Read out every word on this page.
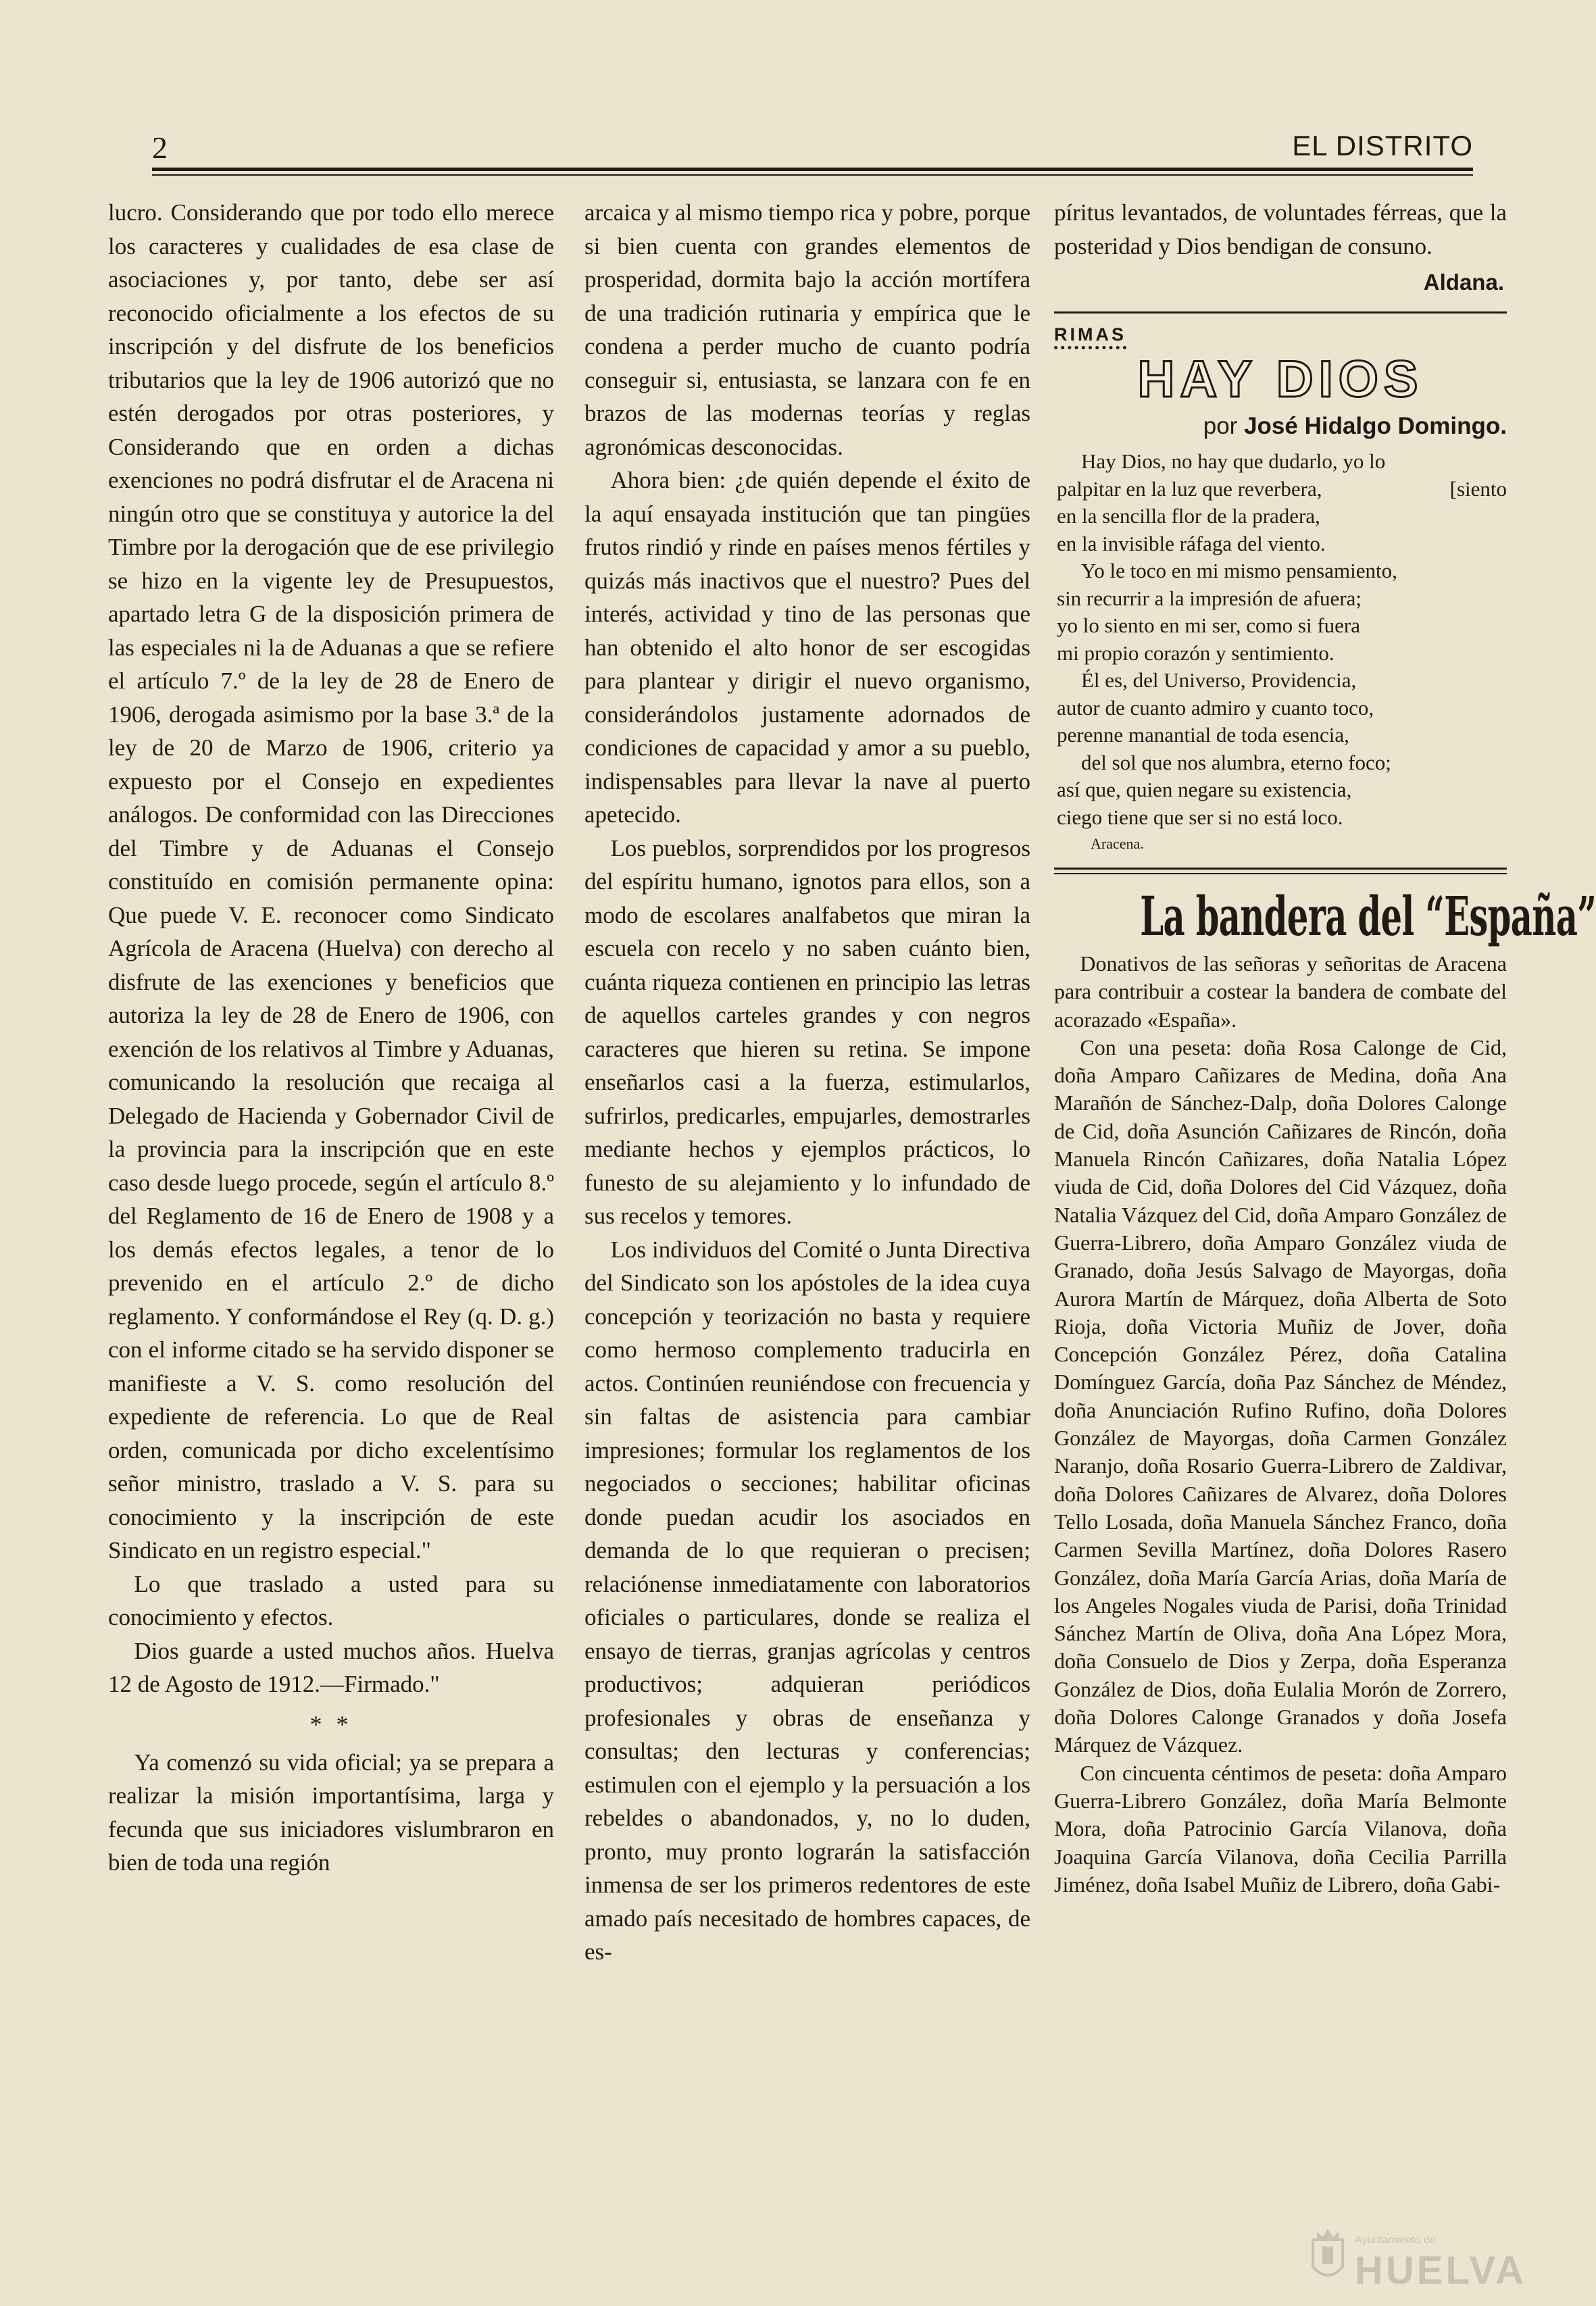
2	EL DISTRITO

lucro. Considerando que por todo ello merece los caracteres y cualidades de esa clase de asociaciones y, por tanto, debe ser así reconocido oficialmente a los efectos de su inscripción y del disfrute de los beneficios tributarios que la ley de 1906 autorizó que no estén derogados por otras posteriores, y Considerando que en orden a dichas exenciones no podrá disfrutar el de Aracena ni ningún otro que se constituya y autorice la del Timbre por la derogación que de ese privilegio se hizo en la vigente ley de Presupuestos, apartado letra G de la disposición primera de las especiales ni la de Aduanas a que se refiere el artículo 7.º de la ley de 28 de Enero de 1906, derogada asimismo por la base 3.ª de la ley de 20 de Marzo de 1906, criterio ya expuesto por el Consejo en expedientes análogos. De conformidad con las Direcciones del Timbre y de Aduanas el Consejo constituído en comisión permanente opina: Que puede V. E. reconocer como Sindicato Agrícola de Aracena (Huelva) con derecho al disfrute de las exenciones y beneficios que autoriza la ley de 28 de Enero de 1906, con exención de los relativos al Timbre y Aduanas, comunicando la resolución que recaiga al Delegado de Hacienda y Gobernador Civil de la provincia para la inscripción que en este caso desde luego procede, según el artículo 8.º del Reglamento de 16 de Enero de 1908 y a los demás efectos legales, a tenor de lo prevenido en el artículo 2.º de dicho reglamento. Y conformándose el Rey (q. D. g.) con el informe citado se ha servido disponer se manifieste a V. S. como resolución del expediente de referencia. Lo que de Real orden, comunicada por dicho excelentísimo señor ministro, traslado a V. S. para su conocimiento y la inscripción de este Sindicato en un registro especial."

Lo que traslado a usted para su conocimiento y efectos.

Dios guarde a usted muchos años. Huelva 12 de Agosto de 1912.—Firmado."

* *

Ya comenzó su vida oficial; ya se prepara a realizar la misión importantísima, larga y fecunda que sus iniciadores vislumbraron en bien de toda una región

arcaica y al mismo tiempo rica y pobre, porque si bien cuenta con grandes elementos de prosperidad, dormita bajo la acción mortífera de una tradición rutinaria y empírica que le condena a perder mucho de cuanto podría conseguir si, entusiasta, se lanzara con fe en brazos de las modernas teorías y reglas agronómicas desconocidas.

Ahora bien: ¿de quién depende el éxito de la aquí ensayada institución que tan pingües frutos rindió y rinde en países menos fértiles y quizás más inactivos que el nuestro? Pues del interés, actividad y tino de las personas que han obtenido el alto honor de ser escogidas para plantear y dirigir el nuevo organismo, considerándolos justamente adornados de condiciones de capacidad y amor a su pueblo, indispensables para llevar la nave al puerto apetecido.

Los pueblos, sorprendidos por los progresos del espíritu humano, ignotos para ellos, son a modo de escolares analfabetos que miran la escuela con recelo y no saben cuánto bien, cuánta riqueza contienen en principio las letras de aquellos carteles grandes y con negros caracteres que hieren su retina. Se impone enseñarlos casi a la fuerza, estimularlos, sufrirlos, predicarles, empujarles, demostrarles mediante hechos y ejemplos prácticos, lo funesto de su alejamiento y lo infundado de sus recelos y temores.

Los individuos del Comité o Junta Directiva del Sindicato son los apóstoles de la idea cuya concepción y teorización no basta y requiere como hermoso complemento traducirla en actos. Continúen reuniéndose con frecuencia y sin faltas de asistencia para cambiar impresiones; formular los reglamentos de los negociados o secciones; habilitar oficinas donde puedan acudir los asociados en demanda de lo que requieran o precisen; relaciónense inmediatamente con laboratorios oficiales o particulares, donde se realiza el ensayo de tierras, granjas agrícolas y centros productivos; adquieran periódicos profesionales y obras de enseñanza y consultas; den lecturas y conferencias; estimulen con el ejemplo y la persuación a los rebeldes o abandonados, y, no lo duden, pronto, muy pronto lograrán la satisfacción inmensa de ser los primeros redentores de este amado país necesitado de hombres capaces, de es-

píritus levantados, de voluntades férreas, que la posteridad y Dios bendigan de consuno.

Aldana.
RIMAS
HAY DIOS
por José Hidalgo Domingo.
Hay Dios, no hay que dudarlo, yo lo
palpitar en la luz que reverbera,	[siento
en la sencilla flor de la pradera,
en la invisible ráfaga del viento.
Yo le toco en mi mismo pensamiento,
sin recurrir a la impresión de afuera;
yo lo siento en mi ser, como si fuera
mi propio corazón y sentimiento.
Él es, del Universo, Providencia,
autor de cuanto admiro y cuanto toco,
perenne manantial de toda esencia,
del sol que nos alumbra, eterno foco;
así que, quien negare su existencia,
ciego tiene que ser si no está loco.
Aracena.
La bandera del “España”

Donativos de las señoras y señoritas de Aracena para contribuir a costear la bandera de combate del acorazado «España».

Con una peseta: doña Rosa Calonge de Cid, doña Amparo Cañizares de Medina, doña Ana Marañón de Sánchez-Dalp, doña Dolores Calonge de Cid, doña Asunción Cañizares de Rincón, doña Manuela Rincón Cañizares, doña Natalia López viuda de Cid, doña Dolores del Cid Vázquez, doña Natalia Vázquez del Cid, doña Amparo González de Guerra-Librero, doña Amparo González viuda de Granado, doña Jesús Salvago de Mayorgas, doña Aurora Martín de Márquez, doña Alberta de Soto Rioja, doña Victoria Muñiz de Jover, doña Concepción González Pérez, doña Catalina Domínguez García, doña Paz Sánchez de Méndez, doña Anunciación Rufino Rufino, doña Dolores González de Mayorgas, doña Carmen González Naranjo, doña Rosario Guerra-Librero de Zaldivar, doña Dolores Cañizares de Alvarez, doña Dolores Tello Losada, doña Manuela Sánchez Franco, doña Carmen Sevilla Martínez, doña Dolores Rasero González, doña María García Arias, doña María de los Angeles Nogales viuda de Parisi, doña Trinidad Sánchez Martín de Oliva, doña Ana López Mora, doña Consuelo de Dios y Zerpa, doña Esperanza González de Dios, doña Eulalia Morón de Zorrero, doña Dolores Calonge Granados y doña Josefa Márquez de Vázquez.

Con cincuenta céntimos de peseta: doña Amparo Guerra-Librero González, doña María Belmonte Mora, doña Patrocinio García Vilanova, doña Joaquina García Vilanova, doña Cecilia Parrilla Jiménez, doña Isabel Muñiz de Librero, doña Gabi-

Ayuntamiento de
HUELVA
